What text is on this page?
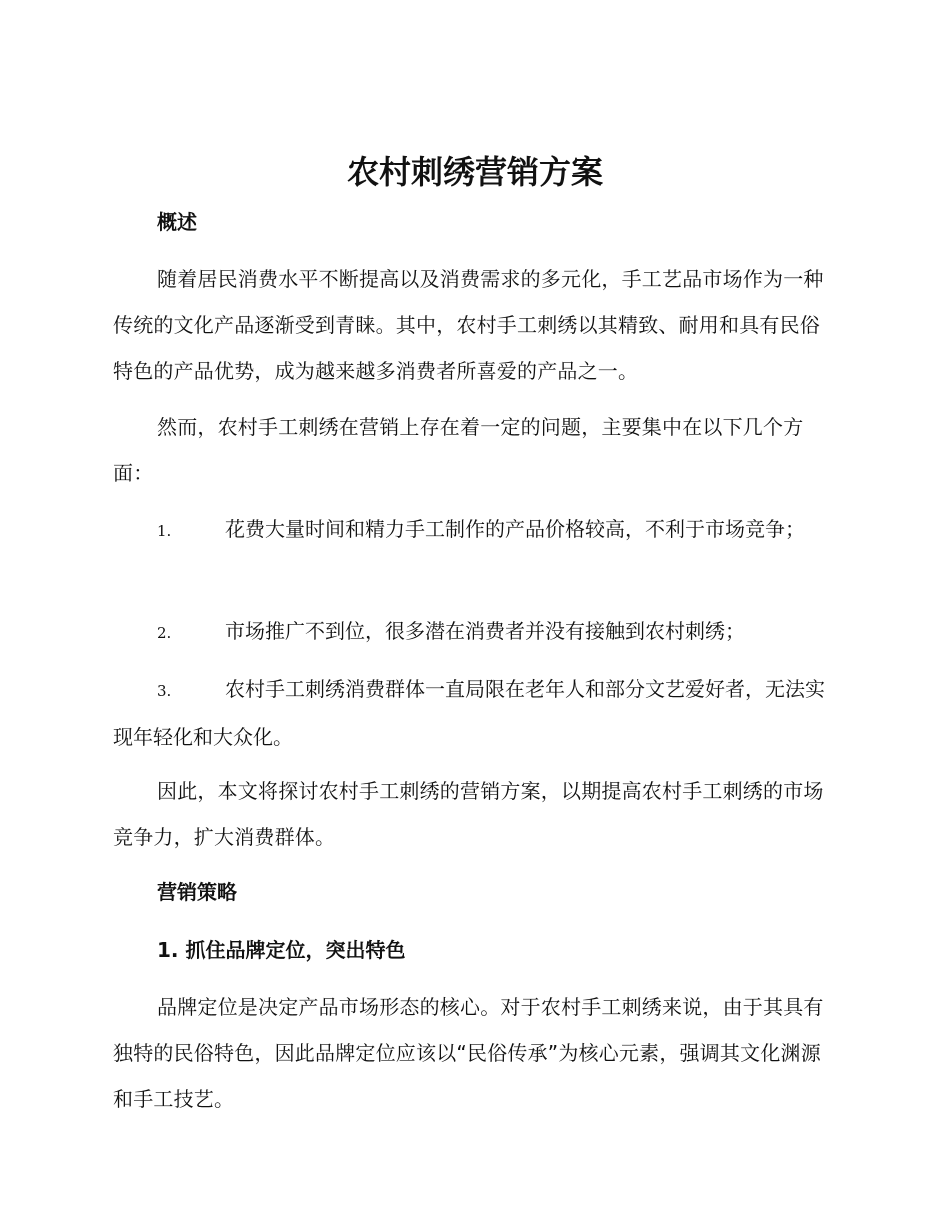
农村刺绣营销方案
概述

随着居民消费水平不断提高以及消费需求的多元化，手工艺品市场作为一种传统的文化产品逐渐受到青睐。其中，农村手工刺绣以其精致、耐用和具有民俗特色的产品优势，成为越来越多消费者所喜爱的产品之一。

然而，农村手工刺绣在营销上存在着一定的问题，主要集中在以下几个方面：

1.	花费大量时间和精力手工制作的产品价格较高，不利于市场竞争；
2.	市场推广不到位，很多潜在消费者并没有接触到农村刺绣；
3.	农村手工刺绣消费群体一直局限在老年人和部分文艺爱好者，无法实现年轻化和大众化。

因此，本文将探讨农村手工刺绣的营销方案，以期提高农村手工刺绣的市场竞争力，扩大消费群体。

营销策略
1. 抓住品牌定位，突出特色

品牌定位是决定产品市场形态的核心。对于农村手工刺绣来说，由于其具有独特的民俗特色，因此品牌定位应该以“民俗传承”为核心元素，强调其文化渊源和手工技艺。
